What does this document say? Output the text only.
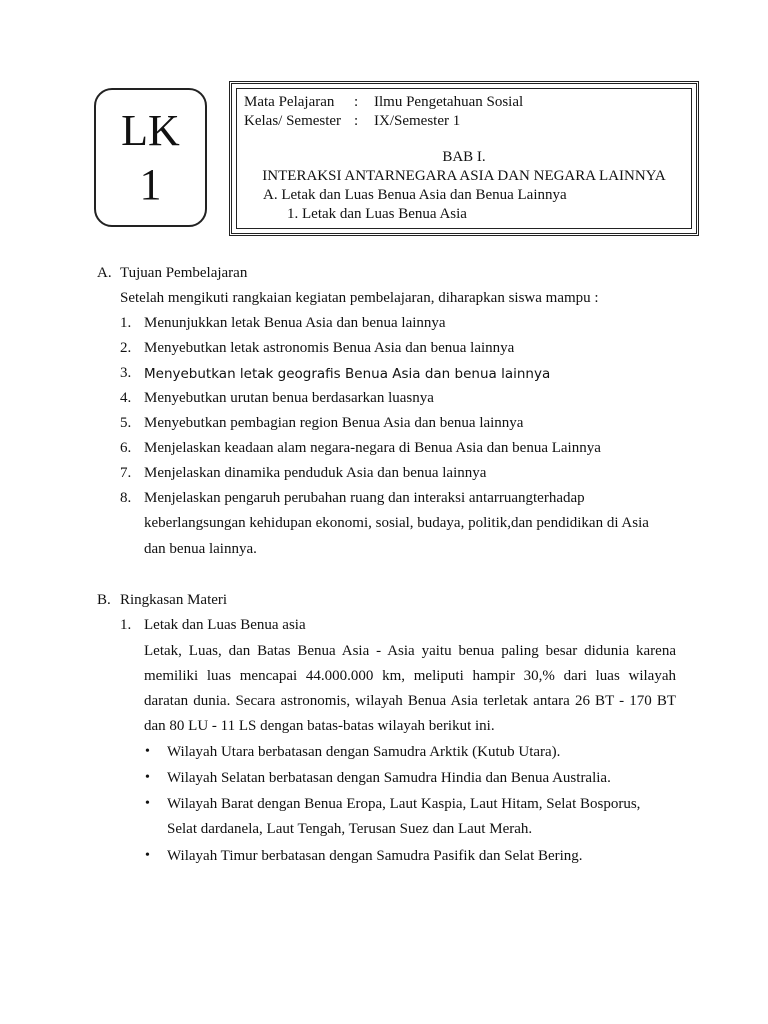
LK
1
Mata Pelajaran : Ilmu Pengetahuan Sosial
Kelas/ Semester : IX/Semester 1
BAB I.
INTERAKSI ANTARNEGARA ASIA DAN NEGARA LAINNYA
A. Letak dan Luas Benua Asia dan Benua Lainnya
1. Letak dan Luas Benua Asia
A. Tujuan Pembelajaran
Setelah mengikuti rangkaian kegiatan pembelajaran, diharapkan siswa mampu :
1. Menunjukkan letak Benua Asia dan benua lainnya
2. Menyebutkan letak astronomis Benua Asia dan benua lainnya
3. Menyebutkan letak geografis Benua Asia dan benua lainnya
4. Menyebutkan urutan benua berdasarkan luasnya
5. Menyebutkan pembagian region Benua Asia dan benua lainnya
6. Menjelaskan keadaan alam negara-negara di Benua Asia dan benua Lainnya
7. Menjelaskan dinamika penduduk Asia dan benua lainnya
8. Menjelaskan pengaruh perubahan ruang dan interaksi antarruangterhadap
keberlangsungan kehidupan ekonomi, sosial, budaya, politik,dan pendidikan di Asia
dan benua lainnya.
B. Ringkasan Materi
1. Letak dan Luas Benua asia
Letak, Luas, dan Batas Benua Asia - Asia yaitu benua paling besar didunia karena
memiliki luas mencapai 44.000.000 km, meliputi hampir 30,% dari luas wilayah
daratan dunia. Secara astronomis, wilayah Benua Asia terletak antara 26 BT - 170 BT
dan 80 LU - 11 LS dengan batas-batas wilayah berikut ini.
• Wilayah Utara berbatasan dengan Samudra Arktik (Kutub Utara).
• Wilayah Selatan berbatasan dengan Samudra Hindia dan Benua Australia.
• Wilayah Barat dengan Benua Eropa, Laut Kaspia, Laut Hitam, Selat Bosporus,
Selat dardanela, Laut Tengah, Terusan Suez dan Laut Merah.
• Wilayah Timur berbatasan dengan Samudra Pasifik dan Selat Bering.
